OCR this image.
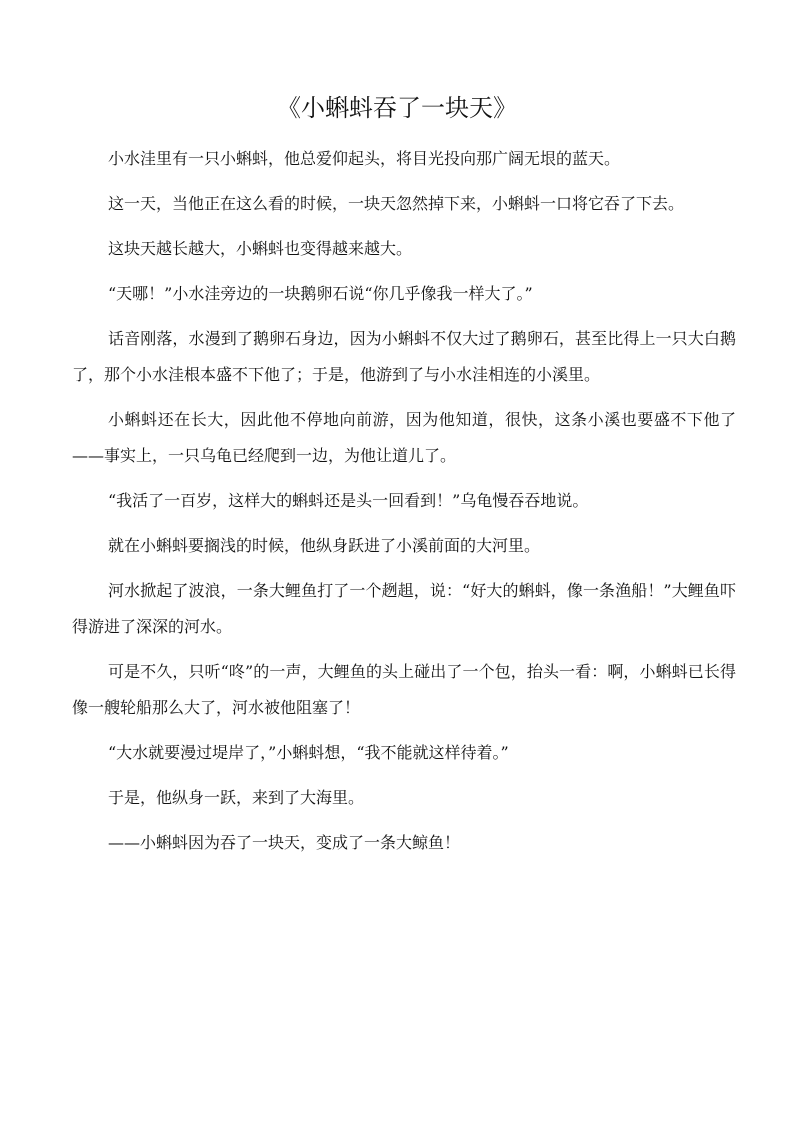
《小蝌蚪吞了一块天》

小水洼里有一只小蝌蚪，他总爱仰起头，将目光投向那广阔无垠的蓝天。

这一天，当他正在这么看的时候，一块天忽然掉下来，小蝌蚪一口将它吞了下去。

这块天越长越大，小蝌蚪也变得越来越大。

“天哪！”小水洼旁边的一块鹅卵石说“你几乎像我一样大了。”

话音刚落，水漫到了鹅卵石身边，因为小蝌蚪不仅大过了鹅卵石，甚至比得上一只大白鹅了，那个小水洼根本盛不下他了；于是，他游到了与小水洼相连的小溪里。

小蝌蚪还在长大，因此他不停地向前游，因为他知道，很快，这条小溪也要盛不下他了——事实上，一只乌龟已经爬到一边，为他让道儿了。

“我活了一百岁，这样大的蝌蚪还是头一回看到！”乌龟慢吞吞地说。

就在小蝌蚪要搁浅的时候，他纵身跃进了小溪前面的大河里。

河水掀起了波浪，一条大鲤鱼打了一个趔趄，说：“好大的蝌蚪，像一条渔船！”大鲤鱼吓得游进了深深的河水。

可是不久，只听“咚”的一声，大鲤鱼的头上碰出了一个包，抬头一看：啊，小蝌蚪已长得像一艘轮船那么大了，河水被他阻塞了！

“大水就要漫过堤岸了，”小蝌蚪想，“我不能就这样待着。”

于是，他纵身一跃，来到了大海里。

——小蝌蚪因为吞了一块天，变成了一条大鲸鱼！
